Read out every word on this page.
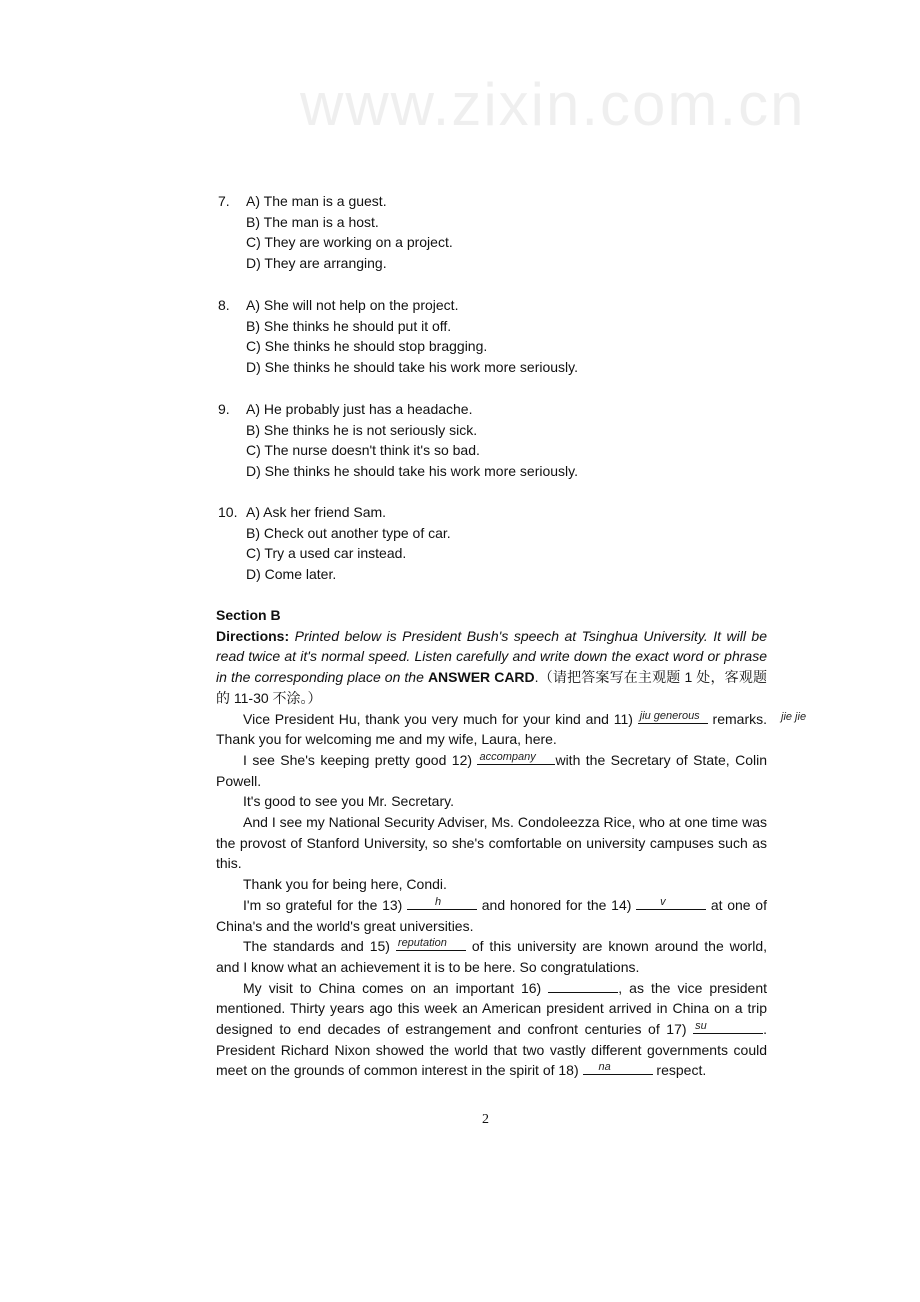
www.zixin.com.cn
7.	A) The man is a guest.
B) The man is a host.
C) They are working on a project.
D) They are arranging.
8.	A) She will not help on the project.
B) She thinks he should put it off.
C) She thinks he should stop bragging.
D) She thinks he should take his work more seriously.
9.	A) He probably just has a headache.
B) She thinks he is not seriously sick.
C) The nurse doesn't think it's so bad.
D) She thinks he should take his work more seriously.
10. A) Ask her friend Sam.
B) Check out another type of car.
C) Try a used car instead.
D) Come later.

Section B

Directions: Printed below is President Bush's speech at Tsinghua University. It will be read twice at it's normal speed. Listen carefully and write down the exact word or phrase in the corresponding place on the ANSWER CARD.（请把答案写在主观题 1 处，客观题的 11-30 不涂。）

Vice President Hu, thank you very much for your kind and 11) jiu generous remarks. Thank you for welcoming me and my wife, Laura, here.

jie jie

I see She's keeping pretty good 12) accompany with the Secretary of State, Colin Powell.

It's good to see you Mr. Secretary.

And I see my National Security Adviser, Ms. Condoleezza Rice, who at one time was the provost of Stanford University, so she's comfortable on university campuses such as this.

Thank you for being here, Condi.

I'm so grateful for the 13)	h	and honored for the 14) v	at one of China's and the world's great universities.

The standards and 15) reputation of this university are known around the world, and I know what an achievement it is to be here. So congratulations.

My visit to China comes on an important 16)	, as the vice president mentioned. Thirty years ago this week an American president arrived in China on a trip designed to end decades of estrangement and confront centuries of 17) su	. President Richard Nixon showed the world that two vastly different governments could meet on the grounds of common interest in the spirit of 18) na	respect.

2
